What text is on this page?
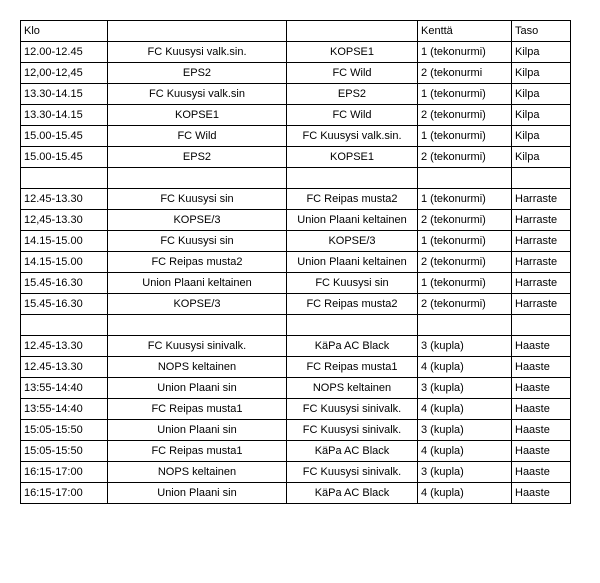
Klo			Kenttä	Taso
12.00-12.45	FC Kuusysi valk.sin.	KOPSE1	1 (tekonurmi)	Kilpa
12,00-12,45	EPS2	FC Wild	2 (tekonurmi	Kilpa
13.30-14.15	FC Kuusysi valk.sin	EPS2	1 (tekonurmi)	Kilpa
13.30-14.15	KOPSE1	FC Wild	2 (tekonurmi)	Kilpa
15.00-15.45	FC Wild	FC Kuusysi valk.sin.	1 (tekonurmi)	Kilpa
15.00-15.45	EPS2	KOPSE1	2 (tekonurmi)	Kilpa

12.45-13.30	FC Kuusysi sin	FC Reipas musta2	1 (tekonurmi)	Harraste
12,45-13.30	KOPSE/3	Union Plaani keltainen	2 (tekonurmi)	Harraste
14.15-15.00	FC Kuusysi sin	KOPSE/3	1 (tekonurmi)	Harraste
14.15-15.00	FC Reipas musta2	Union Plaani keltainen	2 (tekonurmi)	Harraste
15.45-16.30	Union Plaani keltainen	FC Kuusysi sin	1 (tekonurmi)	Harraste
15.45-16.30	KOPSE/3	FC Reipas musta2	2 (tekonurmi)	Harraste

12.45-13.30	FC Kuusysi sinivalk.	KäPa AC Black	3 (kupla)	Haaste
12.45-13.30	NOPS keltainen	FC Reipas musta1	4 (kupla)	Haaste
13:55-14:40	Union Plaani sin	NOPS keltainen	3 (kupla)	Haaste
13:55-14:40	FC Reipas musta1	FC Kuusysi sinivalk.	4 (kupla)	Haaste
15:05-15:50	Union Plaani sin	FC Kuusysi sinivalk.	3 (kupla)	Haaste
15:05-15:50	FC Reipas musta1	KäPa AC Black	4 (kupla)	Haaste
16:15-17:00	NOPS keltainen	FC Kuusysi sinivalk.	3 (kupla)	Haaste
16:15-17:00	Union Plaani sin	KäPa AC Black	4 (kupla)	Haaste
